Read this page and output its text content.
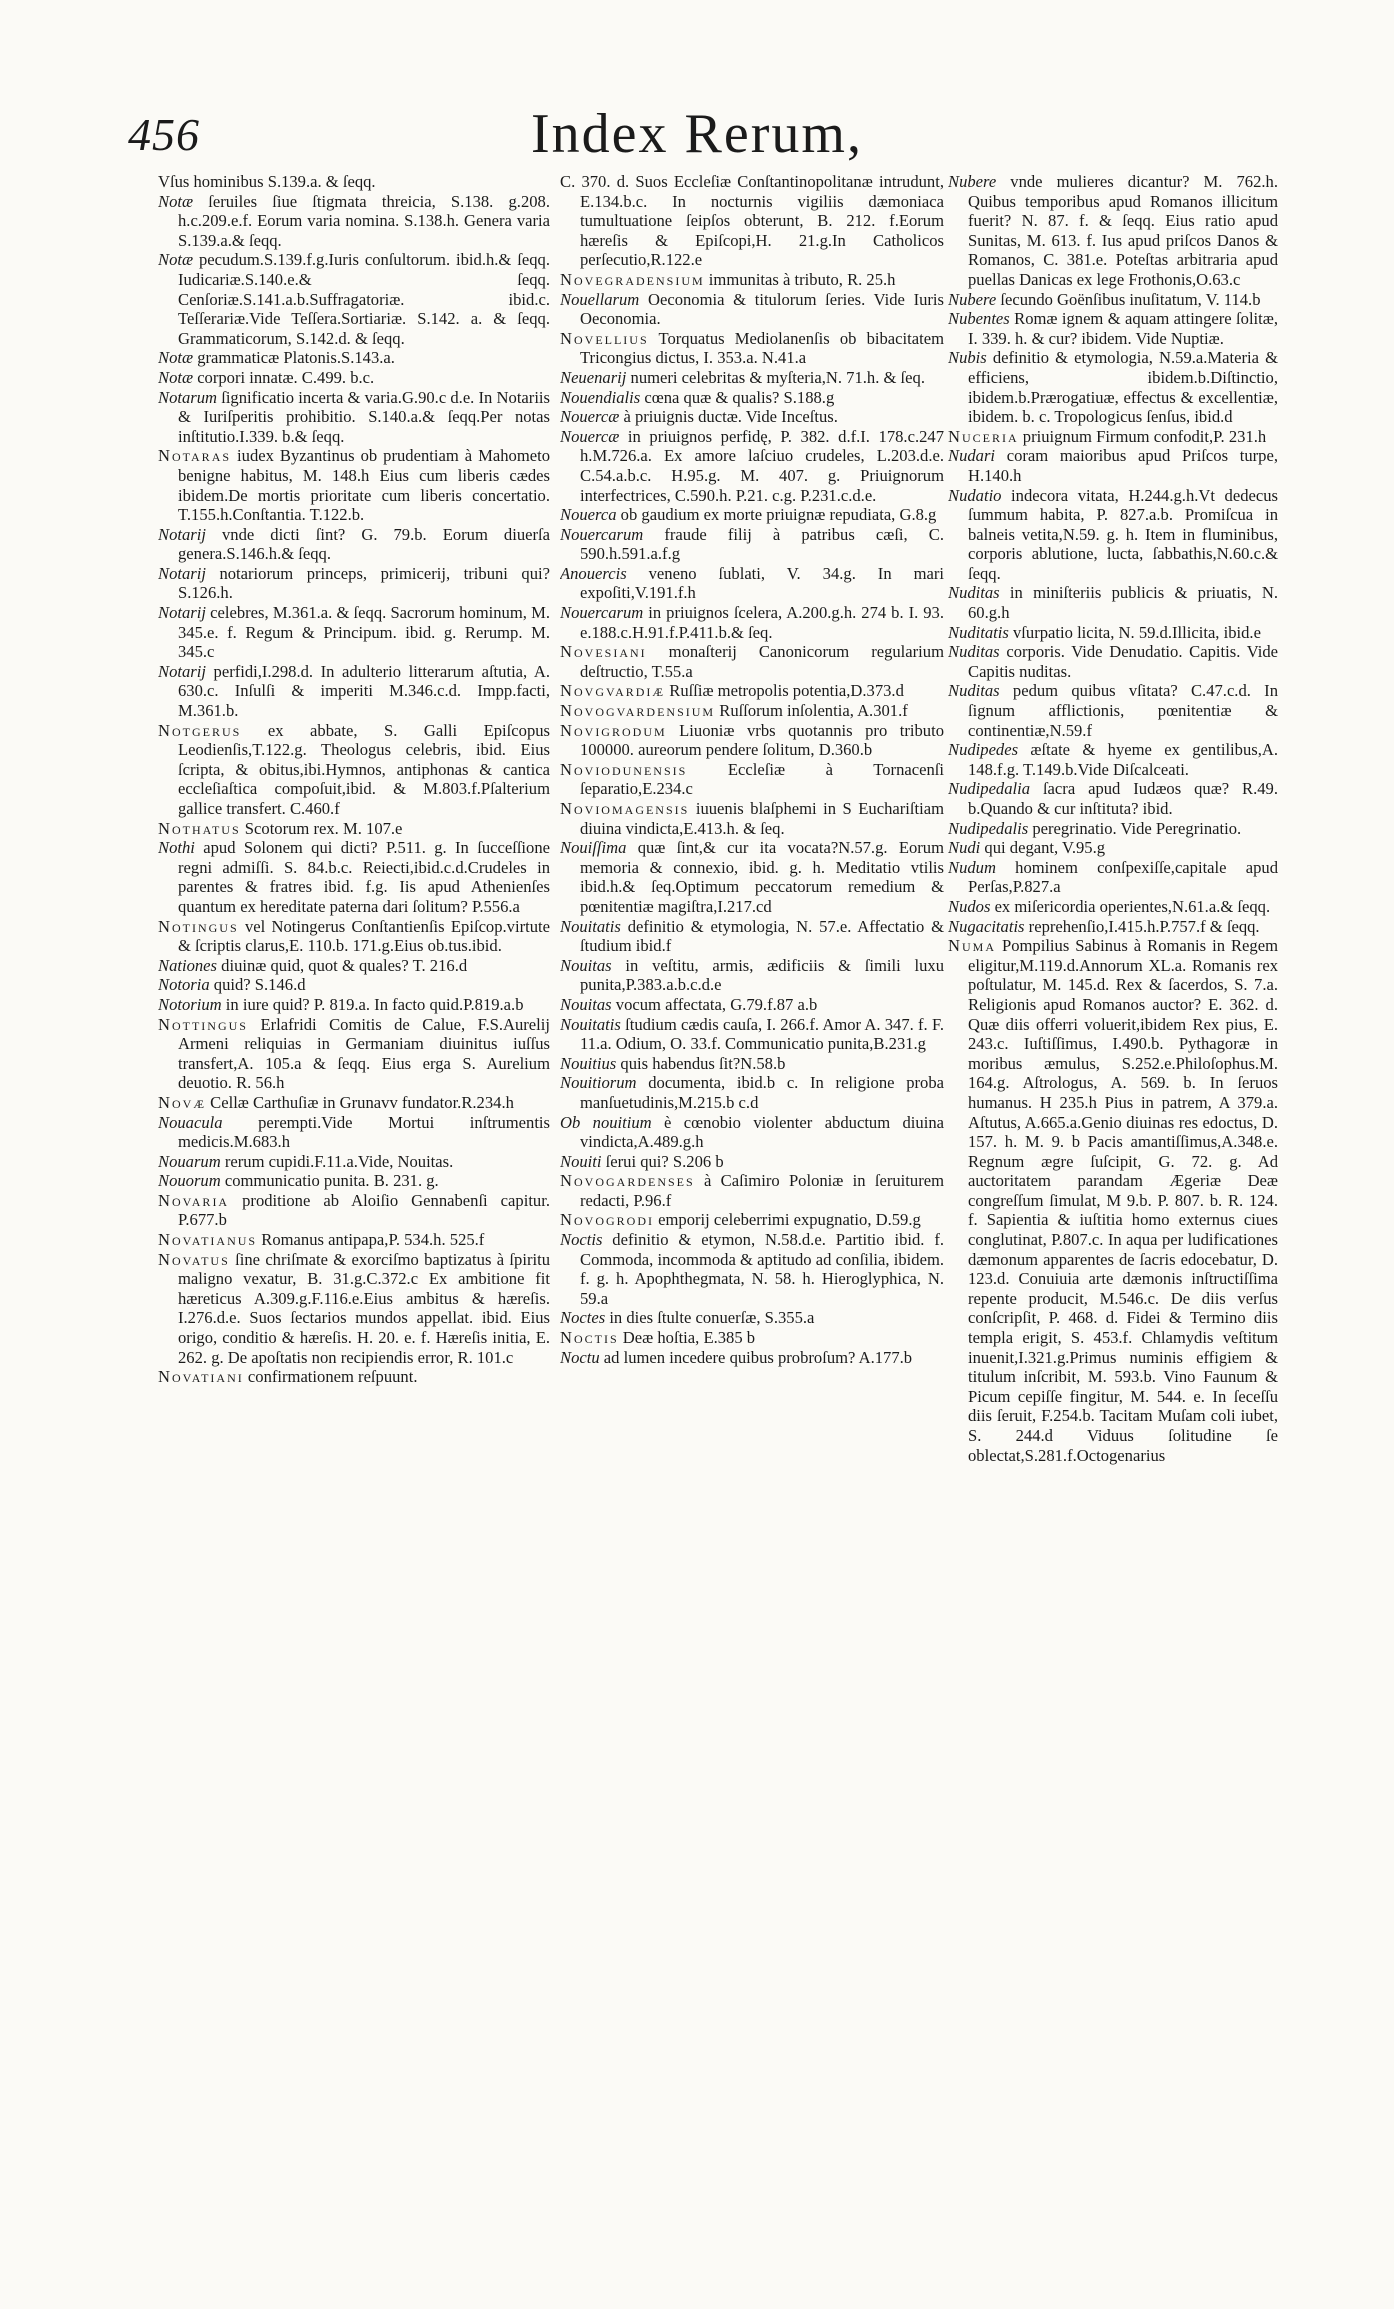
456	Index Rerum,

Vſus hominibus S.139.a. & ſeqq.

Notæ ſeruiles ſiue ſtigmata threicia, S.138. g.208. h.c.209.e.f. Eorum varia nomina. S.138.h. Genera varia S.139.a.& ſeqq.

Notæ pecudum.S.139.f.g.Iuris conſultorum. ibid.h.& ſeqq. Iudicariæ.S.140.e.& ſeqq. Cenſoriæ.S.141.a.b.Suffragatoriæ. ibid.c. Teſſerariæ.Vide Teſſera.Sortiariæ. S.142. a. & ſeqq. Grammaticorum, S.142.d. & ſeqq.

Notæ grammaticæ Platonis.S.143.a.

Notæ corpori innatæ. C.499. b.c.

Notarum ſignificatio incerta & varia.G.90.c d.e. In Notariis & Iuriſperitis prohibitio. S.140.a.& ſeqq.Per notas inſtitutio.I.339. b.& ſeqq.

Notaras iudex Byzantinus ob prudentiam à Mahometo benigne habitus, M. 148.h Eius cum liberis cædes ibidem.De mortis prioritate cum liberis concertatio. T.155.h.Conſtantia. T.122.b.

Notarij vnde dicti ſint? G. 79.b. Eorum diuerſa genera.S.146.h.& ſeqq.

Notarij notariorum princeps, primicerij, tribuni qui? S.126.h.

Notarij celebres, M.361.a. & ſeqq. Sacrorum hominum, M. 345.e. f. Regum & Principum. ibid. g. Rerump. M. 345.c

Notarij perfidi,I.298.d. In adulterio litterarum aſtutia, A. 630.c. Inſulſi & imperiti M.346.c.d. Impp.facti, M.361.b.

Notgerus ex abbate, S. Galli Epiſcopus Leodienſis,T.122.g. Theologus celebris, ibid. Eius ſcripta, & obitus,ibi.Hymnos, antiphonas & cantica eccleſiaſtica compoſuit,ibid. & M.803.f.Pſalterium gallice transfert. C.460.f

Nothatus Scotorum rex. M. 107.e

Nothi apud Solonem qui dicti? P.511. g. In ſucceſſione regni admiſſi. S. 84.b.c. Reiecti,ibid.c.d.Crudeles in parentes & fratres ibid. f.g. Iis apud Athenienſes quantum ex hereditate paterna dari ſolitum? P.556.a

Notingus vel Notingerus Conſtantienſis Epiſcop.virtute & ſcriptis clarus,E. 110.b. 171.g.Eius ob.tus.ibid.

Nationes diuinæ quid, quot & quales? T. 216.d

Notoria quid? S.146.d

Notorium in iure quid? P. 819.a. In facto quid.P.819.a.b

Nottingus Erlafridi Comitis de Calue, F.S.Aurelij Armeni reliquias in Germaniam diuinitus iuſſus transfert,A. 105.a & ſeqq. Eius erga S. Aurelium deuotio. R. 56.h

Novæ Cellæ Carthuſiæ in Grunavv fundator.R.234.h

Nouacula perempti.Vide Mortui inſtrumentis medicis.M.683.h

Nouarum rerum cupidi.F.11.a.Vide, Nouitas.

Nouorum communicatio punita. B. 231. g.

Novaria proditione ab Aloiſio Gennabenſi capitur. P.677.b

Novatianus Romanus antipapa,P. 534.h. 525.f

Novatus ſine chriſmate & exorciſmo baptizatus à ſpiritu maligno vexatur, B. 31.g.C.372.c Ex ambitione fit hæreticus A.309.g.F.116.e.Eius ambitus & hæreſis. I.276.d.e. Suos ſectarios mundos appellat. ibid. Eius origo, conditio & hæreſis. H. 20. e. f. Hæreſis initia, E. 262. g. De apoſtatis non recipiendis error, R. 101.c

Novatiani confirmationem reſpuunt.

C. 370. d. Suos Eccleſiæ Conſtantinopolitanæ intrudunt, E.134.b.c. In nocturnis vigiliis dæmoniaca tumultuatione ſeipſos obterunt, B. 212. f.Eorum hæreſis & Epiſcopi,H. 21.g.In Catholicos perſecutio,R.122.e

Novegradensium immunitas à tributo, R. 25.h

Nouellarum Oeconomia & titulorum ſeries. Vide Iuris Oeconomia.

Novellius Torquatus Mediolanenſis ob bibacitatem Tricongius dictus, I. 353.a. N.41.a

Neuenarij numeri celebritas & myſteria,N. 71.h. & ſeq.

Nouendialis cœna quæ & qualis? S.188.g

Nouercæ à priuignis ductæ. Vide Inceſtus.

Nouercæ in priuignos perfidę, P. 382. d.f.I. 178.c.247 h.M.726.a. Ex amore laſciuo crudeles, L.203.d.e. C.54.a.b.c. H.95.g. M. 407. g. Priuignorum interfectrices, C.590.h. P.21. c.g. P.231.c.d.e.

Nouerca ob gaudium ex morte priuignæ repudiata, G.8.g

Nouercarum fraude filij à patribus cæſi, C. 590.h.591.a.f.g

Anouercis veneno ſublati, V. 34.g. In mari expoſiti,V.191.f.h

Nouercarum in priuignos ſcelera, A.200.g.h. 274 b. I. 93. e.188.c.H.91.f.P.411.b.& ſeq.

Novesiani monaſterij Canonicorum regularium deſtructio, T.55.a

Novgvardiæ Ruſſiæ metropolis potentia,D.373.d

Novogvardensium Ruſſorum inſolentia, A.301.f

Novigrodum Liuoniæ vrbs quotannis pro tributo 100000. aureorum pendere ſolitum, D.360.b

Noviodunensis Eccleſiæ à Tornacenſi ſeparatio,E.234.c

Noviomagensis iuuenis blaſphemi in S Euchariſtiam diuina vindicta,E.413.h. & ſeq.

Nouiſſima quæ ſint,& cur ita vocata?N.57.g. Eorum memoria & connexio, ibid. g. h. Meditatio vtilis ibid.h.& ſeq.Optimum peccatorum remedium & pœnitentiæ magiſtra,I.217.cd

Nouitatis definitio & etymologia, N. 57.e. Affectatio & ſtudium ibid.f

Nouitas in veſtitu, armis, ædificiis & ſimili luxu punita,P.383.a.b.c.d.e

Nouitas vocum affectata, G.79.f.87 a.b

Nouitatis ſtudium cædis cauſa, I. 266.f. Amor A. 347. f. F. 11.a. Odium, O. 33.f. Communicatio punita,B.231.g

Nouitius quis habendus ſit?N.58.b

Nouitiorum documenta, ibid.b c. In religione proba manſuetudinis,M.215.b c.d

Ob nouitium è cœnobio violenter abductum diuina vindicta,A.489.g.h

Nouiti ſerui qui? S.206 b

Novogardenses à Caſimiro Poloniæ in ſeruiturem redacti, P.96.f

Novogrodi emporij celeberrimi expugnatio, D.59.g

Noctis definitio & etymon, N.58.d.e. Partitio ibid. f. Commoda, incommoda & aptitudo ad conſilia, ibidem. f. g. h. Apophthegmata, N. 58. h. Hieroglyphica, N. 59.a

Noctes in dies ſtulte conuerſæ, S.355.a

Noctis Deæ hoſtia, E.385 b

Noctu ad lumen incedere quibus probroſum? A.177.b

Nubere vnde mulieres dicantur? M. 762.h. Quibus temporibus apud Romanos illicitum fuerit? N. 87. f. & ſeqq. Eius ratio apud Sunitas, M. 613. f. Ius apud priſcos Danos & Romanos, C. 381.e. Poteſtas arbitraria apud puellas Danicas ex lege Frothonis,O.63.c

Nubere ſecundo Goënſibus inuſitatum, V. 114.b

Nubentes Romæ ignem & aquam attingere ſolitæ, I. 339. h. & cur? ibidem. Vide Nuptiæ.

Nubis definitio & etymologia, N.59.a.Materia & efficiens, ibidem.b.Diſtinctio, ibidem.b.Prærogatiuæ, effectus & excellentiæ, ibidem. b. c. Tropologicus ſenſus, ibid.d

Nuceria priuignum Firmum confodit,P. 231.h

Nudari coram maioribus apud Priſcos turpe, H.140.h

Nudatio indecora vitata, H.244.g.h.Vt dedecus ſummum habita, P. 827.a.b. Promiſcua in balneis vetita,N.59. g. h. Item in fluminibus, corporis ablutione, lucta, ſabbathis,N.60.c.& ſeqq.

Nuditas in miniſteriis publicis & priuatis, N. 60.g.h

Nuditatis vſurpatio licita, N. 59.d.Illicita, ibid.e

Nuditas corporis. Vide Denudatio. Capitis. Vide Capitis nuditas.

Nuditas pedum quibus vſitata? C.47.c.d. In ſignum afflictionis, pœnitentiæ & continentiæ,N.59.f

Nudipedes æſtate & hyeme ex gentilibus,A. 148.f.g. T.149.b.Vide Diſcalceati.

Nudipedalia ſacra apud Iudæos quæ? R.49. b.Quando & cur inſtituta? ibid.

Nudipedalis peregrinatio. Vide Peregrinatio.

Nudi qui degant, V.95.g

Nudum hominem conſpexiſſe,capitale apud Perſas,P.827.a

Nudos ex miſericordia operientes,N.61.a.& ſeqq.

Nugacitatis reprehenſio,I.415.h.P.757.f & ſeqq.

Numa Pompilius Sabinus à Romanis in Regem eligitur,M.119.d.Annorum XL.a. Romanis rex poſtulatur, M. 145.d. Rex & ſacerdos, S. 7.a. Religionis apud Romanos auctor? E. 362. d. Quæ diis offerri voluerit,ibidem Rex pius, E. 243.c. Iuſtiſſimus, I.490.b. Pythagoræ in moribus æmulus, S.252.e.Philoſophus.M. 164.g. Aſtrologus, A. 569. b. In ſeruos humanus. H 235.h Pius in patrem, A 379.a. Aſtutus, A.665.a.Genio diuinas res edoctus, D. 157. h. M. 9. b Pacis amantiſſimus,A.348.e. Regnum ægre ſuſcipit, G. 72. g. Ad auctoritatem parandam Ægeriæ Deæ congreſſum ſimulat, M 9.b. P. 807. b. R. 124. f. Sapientia & iuſtitia homo externus ciues conglutinat, P.807.c. In aqua per ludificationes dæmonum apparentes de ſacris edocebatur, D. 123.d. Conuiuia arte dæmonis inſtructiſſima repente producit, M.546.c. De diis verſus conſcripſit, P. 468. d. Fidei & Termino diis templa erigit, S. 453.f. Chlamydis veſtitum inuenit,I.321.g.Primus numinis effigiem & titulum inſcribit, M. 593.b. Vino Faunum & Picum cepiſſe fingitur, M. 544. e. In ſeceſſu diis ſeruit, F.254.b. Tacitam Muſam coli iubet, S. 244.d Viduus ſolitudine ſe oblectat,S.281.f.Octogenarius
